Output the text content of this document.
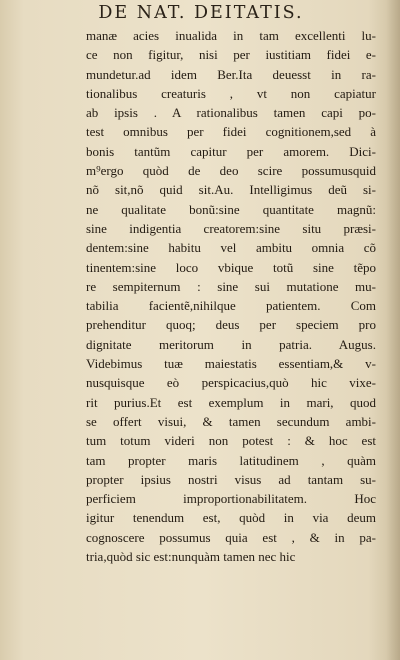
DE NAT. DEITATIS.
manæ acies inualida in tam excellenti lu-
ce non figitur, nisi per iustitiam fidei e-
mundetur.ad idem Ber.Ita deuesst in ra-
tionalibus creaturis , vt non capiatur
ab ipsis . A rationalibus tamen capi po-
test omnibus per fidei cognitionem,sed à
bonis tantũm capitur per amorem. Dici-
m⁹ergo quòd de deo scire possumusquid
nõ sit,nõ quid sit.Au. Intelligimus deũ si-
ne qualitate bonũ:sine quantitate magnũ:
sine indigentia creatorem:sine situ præsi-
dentem:sine habitu vel ambitu omnia cõ
tinentem:sine loco vbique totũ sine tẽpo
re sempiternum : sine sui mutatione mu-
tabilia facientẽ,nihilque patientem. Com
prehenditur quoq; deus per speciem pro
dignitate meritorum in patria. Augus.
Videbimus tuæ maiestatis essentiam,& v-
nusquisque eò perspicacius,quò hic vixe-
rit purius.Et est exemplum in mari, quod
se offert visui, & tamen secundum ambi-
tum totum videri non potest : & hoc est
tam propter maris latitudinem , quàm
propter ipsius nostri visus ad tantam su-
perficiem improportionabilitatem. Hoc
igitur tenendum est, quòd in via deum
cognoscere possumus quia est , & in pa-
tria,quòd sic est:nunquàm tamen nec hic
